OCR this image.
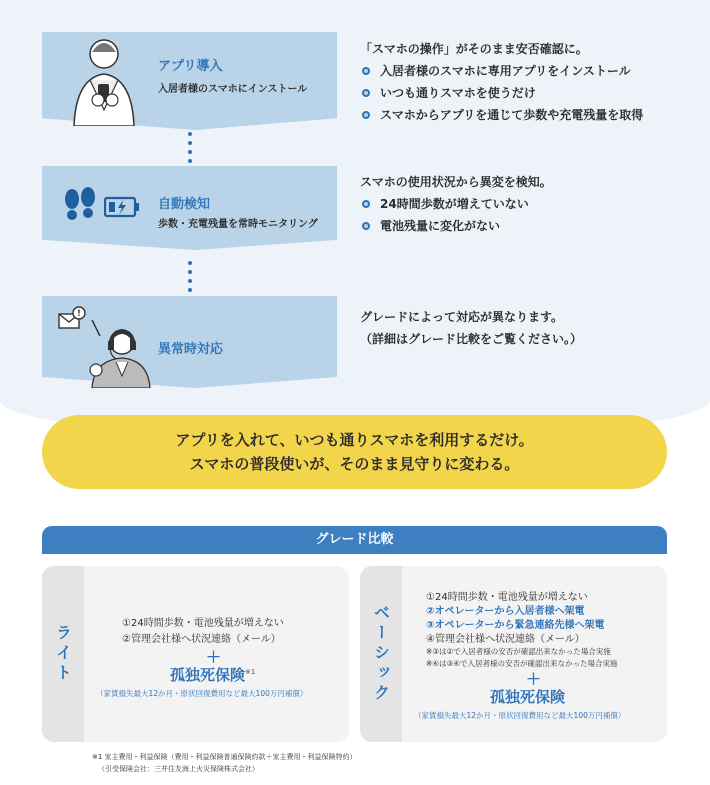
アプリ導入
入居者様のスマホにインストール
「スマホの操作」がそのまま安否確認に。
入居者様のスマホに専用アプリをインストール
いつも通りスマホを使うだけ
スマホからアプリを通じて歩数や充電残量を取得
自動検知
歩数・充電残量を常時モニタリング
スマホの使用状況から異変を検知。
24時間歩数が増えていない
電池残量に変化がない
異常時対応
グレードによって対応が異なります。
（詳細はグレード比較をご覧ください。）
アプリを入れて、いつも通りスマホを利用するだけ。
スマホの普段使いが、そのまま見守りに変わる。
グレード比較
ライト
①24時間歩数・電池残量が増えない
②管理会社様へ状況連絡（メール）
＋
孤独死保険$^{※1}$
（家賃損失最大12か月・原状回復費用など最大100万円補償）	ベーシック
①24時間歩数・電池残量が増えない
②オペレーターから入居者様へ架電
③オペレーターから緊急連絡先様へ架電
④管理会社様へ状況連絡（メール）
※③は②で入居者様の安否が確認出来なかった場合実施
※④は③④で入居者様の安否が確認出来なかった場合実施
＋
孤独死保険
（家賃損失最大12か月・原状回復費用など最大100万円補償）
※1 家主費用・利益保険（費用・利益保険普通保険約款＋家主費用・利益保険特約）
（引受保険会社：三井住友海上火災保険株式会社）
